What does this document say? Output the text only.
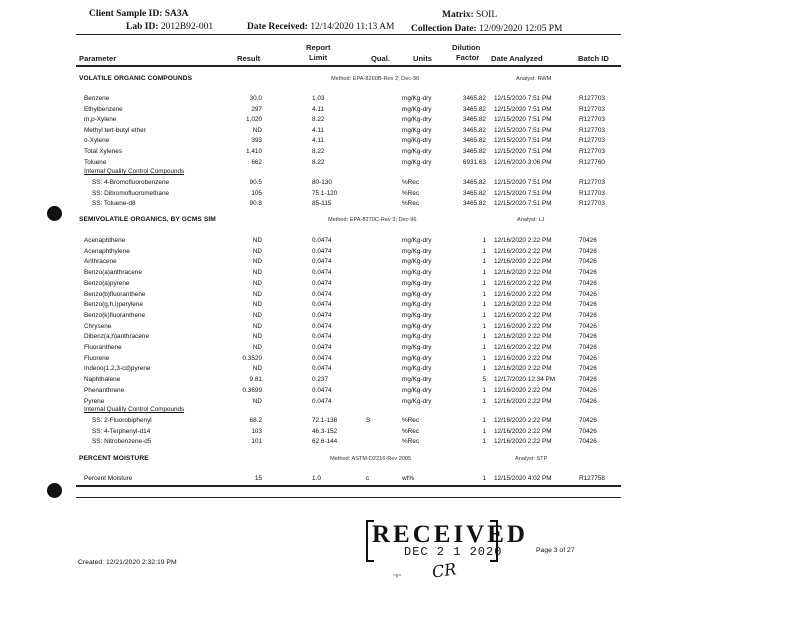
Client Sample ID: SA3A
Lab ID: 2012B92-001	Date Received: 12/14/2020 11:13 AM
Matrix: SOIL
Collection Date: 12/09/2020 12:05 PM
Parameter	Result
Report
Limit	Qual.	Units
Dilution
Factor Date Analyzed	Batch ID
VOLATILE ORGANIC COMPOUNDS	Method: EPA-8260B-Rev 2; Dec-96	Analyst: RWM
Benzene	30.0	1.03	mg/Kg-dry	3465.82 12/15/2020 7:51 PM	R127703
Ethylbenzene	297	4.11	mg/Kg-dry	3465.82 12/15/2020 7:51 PM	R127703
m,p-Xylene	1,020	8.22	mg/Kg-dry	3465.82 12/15/2020 7:51 PM	R127703
Methyl tert-butyl ether	ND	4.11	mg/Kg-dry	3465.82 12/15/2020 7:51 PM	R127703
o-Xylene	393	4.11	mg/Kg-dry	3465.82 12/15/2020 7:51 PM	R127703
Total Xylenes	1,410	8.22	mg/Kg-dry	3465.82 12/15/2020 7:51 PM	R127703
Toluene	662	8.22	mg/Kg-dry	6931.63 12/16/2020 3:06 PM	R127760
Internal Quality Control Compounds
SS: 4-Bromofluorobenzene	90.5	80-130	%Rec	3465.82 12/15/2020 7:51 PM	R127703
SS: Dibromofluoromethane	105	75.1-120	%Rec	3465.82 12/15/2020 7:51 PM	R127703
SS: Toluene-d8	90.8	85-115	%Rec	3465.82 12/15/2020 7:51 PM	R127703
SEMIVOLATILE ORGANICS, BY GCMS SIM	Method: EPA-8270C-Rev 3; Dec-96	Analyst: LJ
Acenaphthene	ND	0.0474	mg/Kg-dry	1 12/16/2020 2:22 PM	70426
Acenaphthylene	ND	0.0474	mg/Kg-dry	1 12/16/2020 2:22 PM	70426
Anthracene	ND	0.0474	mg/Kg-dry	1 12/16/2020 2:22 PM	70426
Benzo(a)anthracene	ND	0.0474	mg/Kg-dry	1 12/16/2020 2:22 PM	70426
Benzo(a)pyrene	ND	0.0474	mg/Kg-dry	1 12/16/2020 2:22 PM	70426
Benzo(b)fluoranthene	ND	0.0474	mg/Kg-dry	1 12/16/2020 2:22 PM	70426
Benzo(g,h,i)perylene	ND	0.0474	mg/Kg-dry	1 12/16/2020 2:22 PM	70426
Benzo(k)fluoranthene	ND	0.0474	mg/Kg-dry	1 12/16/2020 2:22 PM	70426
Chrysene	ND	0.0474	mg/Kg-dry	1 12/16/2020 2:22 PM	70426
Dibenz(a,h)anthracene	ND	0.0474	mg/Kg-dry	1 12/16/2020 2:22 PM	70426
Fluoranthene	ND	0.0474	mg/Kg-dry	1 12/16/2020 2:22 PM	70426
Fluorene	0.3520	0.0474	mg/Kg-dry	1 12/16/2020 2:22 PM	70426
Indeno(1,2,3-cd)pyrene	ND	0.0474	mg/Kg-dry	1 12/16/2020 2:22 PM	70426
Naphthalene	9.81	0.237	mg/Kg-dry	5 12/17/2020 12:34 PM	70426
Phenanthrene	0.3699	0.0474	mg/Kg-dry	1 12/16/2020 2:22 PM	70426
Pyrene	ND	0.0474	mg/Kg-dry	1 12/16/2020 2:22 PM	70426
Internal Quality Control Compounds
SS: 2-Fluorobiphenyl	68.2	72.1-138	S	%Rec	1 12/16/2020 2:22 PM	70426
SS: 4-Terphenyl-d14	103	46.3-152	%Rec	1 12/16/2020 2:22 PM	70426
SS: Nitrobenzene-d5	101	62.6-144	%Rec	1 12/16/2020 2:22 PM	70426
PERCENT MOISTURE	Method: ASTM-D2216-Rev 2005	Analyst: STP
Percent Moisture	15	1.0	c	wt%	1 12/15/2020 4:02 PM	R127758
RECEIVED
DEC 2 1 2020
⁼ᵖ⁼ CR
Created: 12/21/2020 2:32:19 PM
Page 3 of 27
